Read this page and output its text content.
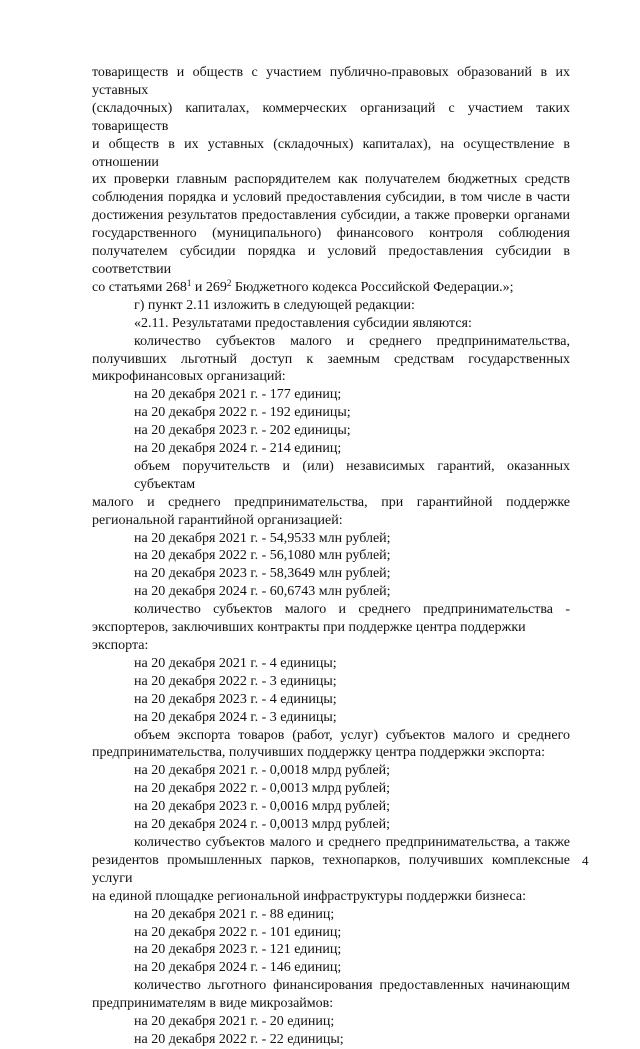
товариществ и обществ с участием публично-правовых образований в их уставных

(складочных) капиталах, коммерческих организаций с участием таких товариществ

и обществ в их уставных (складочных) капиталах), на осуществление в отношении

их проверки главным распорядителем как получателем бюджетных средств

соблюдения порядка и условий предоставления субсидии, в том числе в части

достижения результатов предоставления субсидии, а также проверки органами

государственного (муниципального) финансового контроля соблюдения

получателем субсидии порядка и условий предоставления субсидии в соответствии

со статьями $268^1$ и $269^2$ Бюджетного кодекса Российской Федерации.»;

г) пункт 2.11 изложить в следующей редакции:

«2.11. Результатами предоставления субсидии являются:

количество субъектов малого и среднего предпринимательства,

получивших льготный доступ к заемным средствам государственных

микрофинансовых организаций:

на 20 декабря 2021 г. - 177 единиц;

на 20 декабря 2022 г. - 192 единицы;

на 20 декабря 2023 г. - 202 единицы;

на 20 декабря 2024 г. - 214 единиц;

объем поручительств и (или) независимых гарантий, оказанных субъектам

малого и среднего предпринимательства, при гарантийной поддержке

региональной гарантийной организацией:

на 20 декабря 2021 г. - 54,9533 млн рублей;

на 20 декабря 2022 г. - 56,1080 млн рублей;

на 20 декабря 2023 г. - 58,3649 млн рублей;

на 20 декабря 2024 г. - 60,6743 млн рублей;

количество субъектов малого и среднего предпринимательства -

экспортеров, заключивших контракты при поддержке центра поддержки экспорта:

на 20 декабря 2021 г. - 4 единицы;

на 20 декабря 2022 г. - 3 единицы;

на 20 декабря 2023 г. - 4 единицы;

на 20 декабря 2024 г. - 3 единицы;

объем экспорта товаров (работ, услуг) субъектов малого и среднего

предпринимательства, получивших поддержку центра поддержки экспорта:

на 20 декабря 2021 г. - 0,0018 млрд рублей;

на 20 декабря 2022 г. - 0,0013 млрд рублей;

на 20 декабря 2023 г. - 0,0016 млрд рублей;

на 20 декабря 2024 г. - 0,0013 млрд рублей;

количество субъектов малого и среднего предпринимательства, а также

резидентов промышленных парков, технопарков, получивших комплексные услуги

на единой площадке региональной инфраструктуры поддержки бизнеса:

на 20 декабря 2021 г. - 88 единиц;

на 20 декабря 2022 г. - 101 единиц;

на 20 декабря 2023 г. - 121 единиц;

на 20 декабря 2024 г. - 146 единиц;

количество льготного финансирования предоставленных начинающим

предпринимателям в виде микрозаймов:

на 20 декабря 2021 г. - 20 единиц;

на 20 декабря 2022 г. - 22 единицы;

4
